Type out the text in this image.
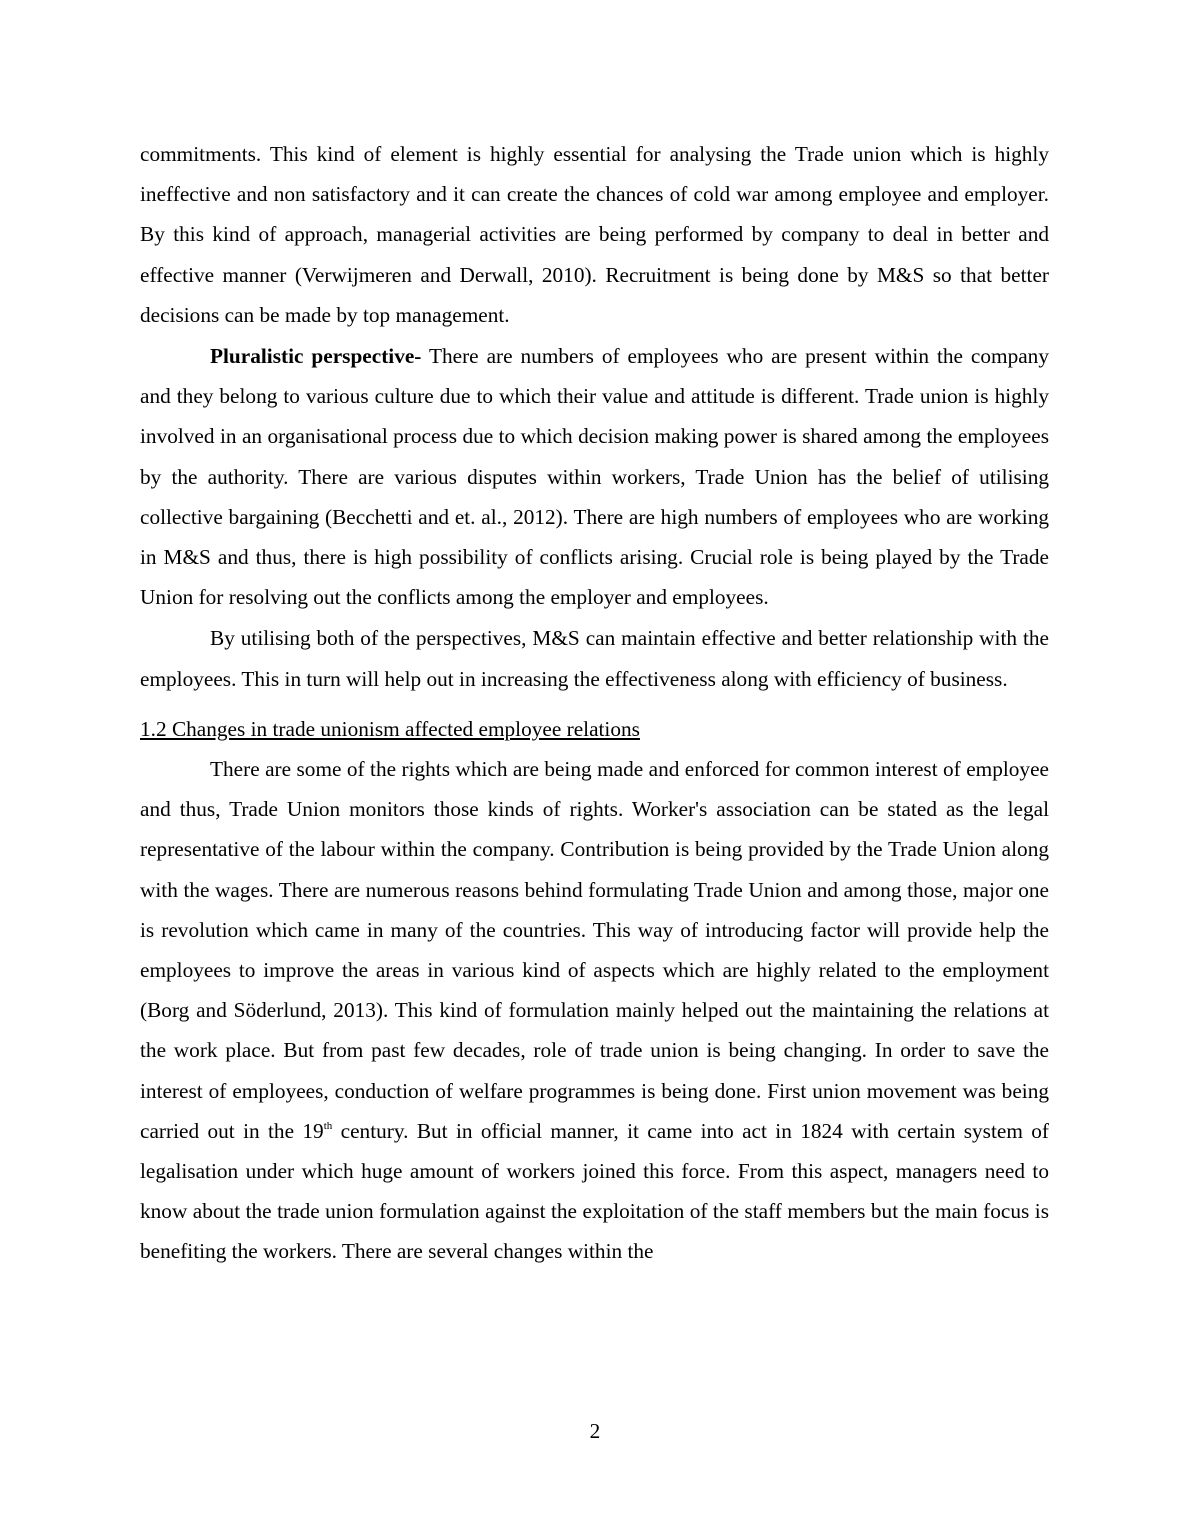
commitments. This kind of element is highly essential for analysing the Trade union which is highly ineffective and non satisfactory and it can create the chances of cold war among employee and employer. By this kind of approach, managerial activities are being performed by company to deal in better and effective manner (Verwijmeren and Derwall, 2010). Recruitment is being done by M&S so that better decisions can be made by top management.

Pluralistic perspective- There are numbers of employees who are present within the company and they belong to various culture due to which their value and attitude is different. Trade union is highly involved in an organisational process due to which decision making power is shared among the employees by the authority. There are various disputes within workers, Trade Union has the belief of utilising collective bargaining (Becchetti and et. al., 2012). There are high numbers of employees who are working in M&S and thus, there is high possibility of conflicts arising. Crucial role is being played by the Trade Union for resolving out the conflicts among the employer and employees.

By utilising both of the perspectives, M&S can maintain effective and better relationship with the employees. This in turn will help out in increasing the effectiveness along with efficiency of business.

1.2 Changes in trade unionism affected employee relations

There are some of the rights which are being made and enforced for common interest of employee and thus, Trade Union monitors those kinds of rights. Worker's association can be stated as the legal representative of the labour within the company. Contribution is being provided by the Trade Union along with the wages. There are numerous reasons behind formulating Trade Union and among those, major one is revolution which came in many of the countries. This way of introducing factor will provide help the employees to improve the areas in various kind of aspects which are highly related to the employment (Borg and Söderlund, 2013). This kind of formulation mainly helped out the maintaining the relations at the work place. But from past few decades, role of trade union is being changing. In order to save the interest of employees, conduction of welfare programmes is being done. First union movement was being carried out in the 19th century. But in official manner, it came into act in 1824 with certain system of legalisation under which huge amount of workers joined this force. From this aspect, managers need to know about the trade union formulation against the exploitation of the staff members but the main focus is benefiting the workers. There are several changes within the

2
